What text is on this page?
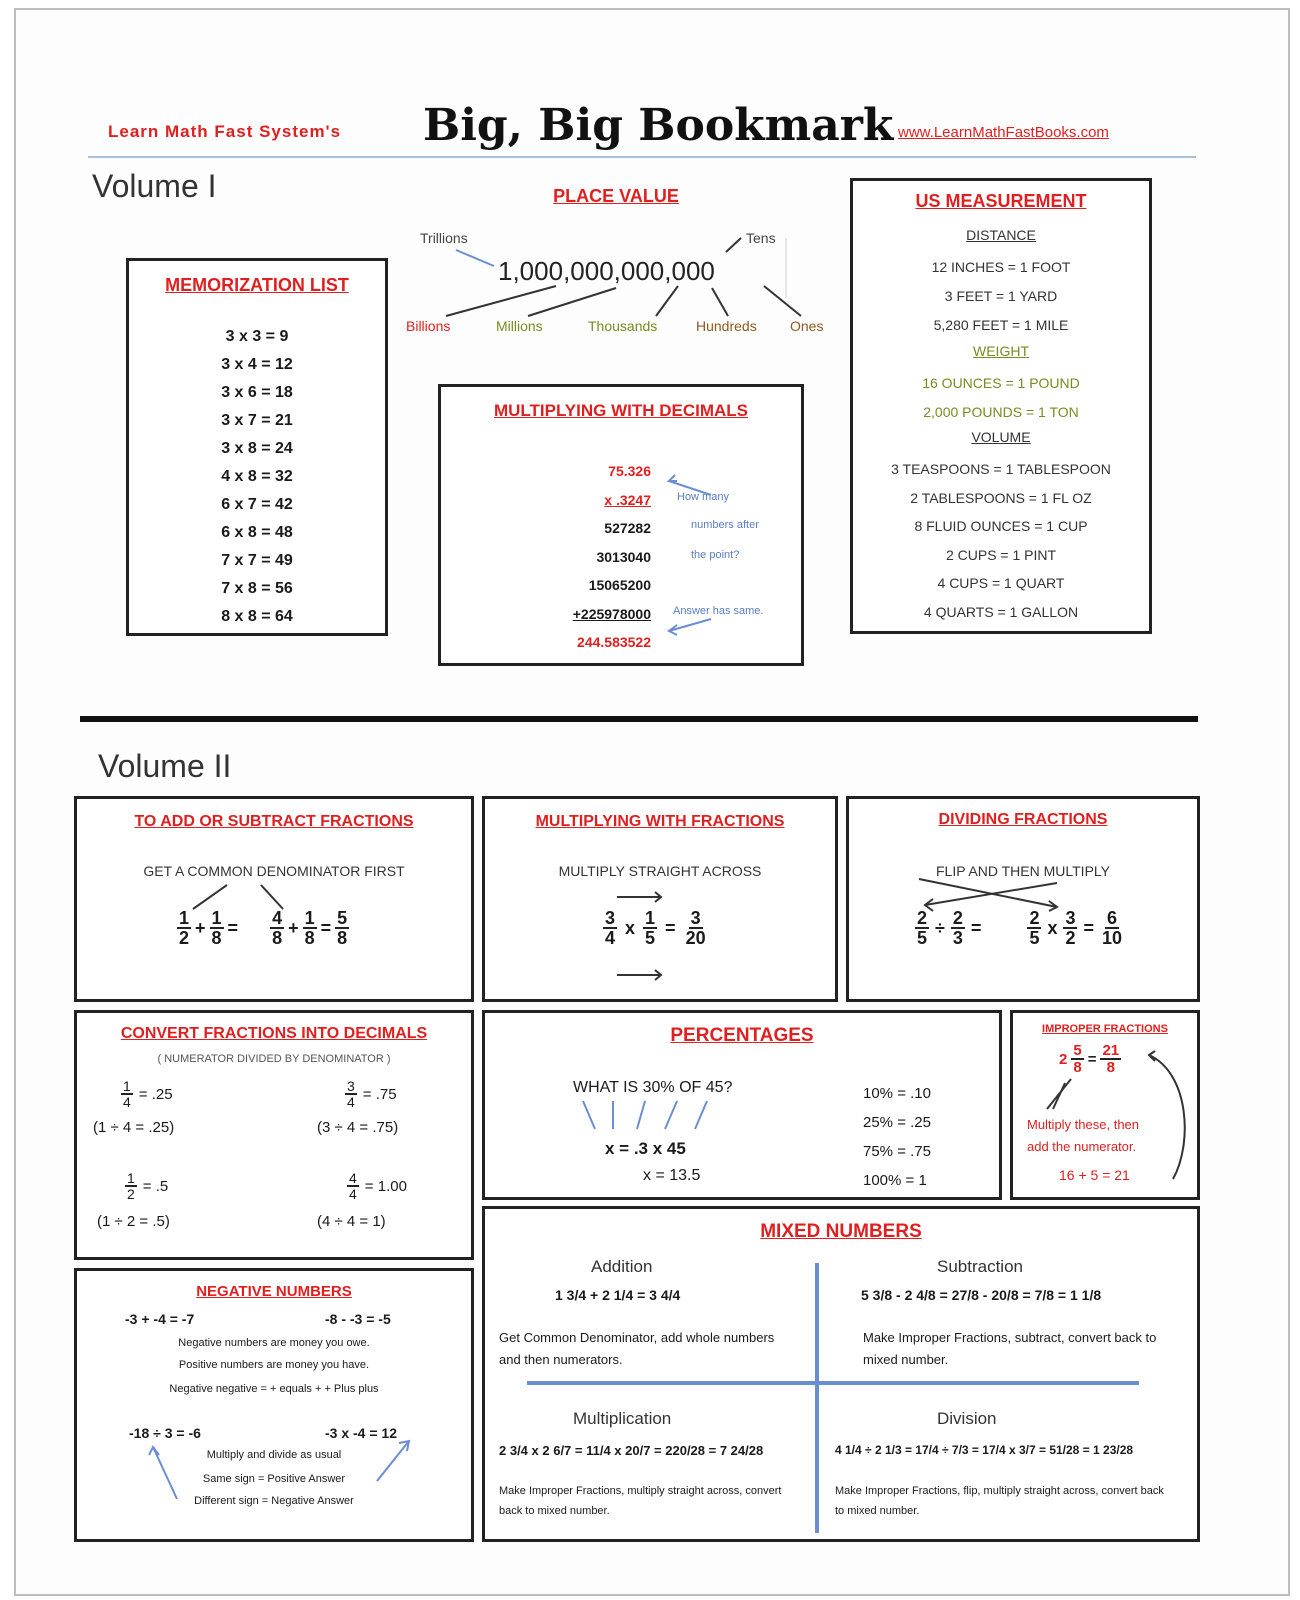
Learn Math Fast System's Big, Big Bookmark www.LearnMathFastBooks.com
Volume I
MEMORIZATION LIST
3 x 3 = 9
3 x 4 = 12
3 x 6 = 18
3 x 7 = 21
3 x 8 = 24
4 x 8 = 32
6 x 7 = 42
6 x 8 = 48
7 x 7 = 49
7 x 8 = 56
8 x 8 = 64
PLACE VALUE
Trillions	Tens
1,000,000,000,000
Billions	Millions	Thousands	Hundreds Ones
MULTIPLYING WITH DECIMALS
75.326
x .3247
527282
3013040
15065200
+225978000
244.583522
How many
numbers after
the point?
Answer has same.
US MEASUREMENT
DISTANCE
12 INCHES = 1 FOOT
3 FEET = 1 YARD
5,280 FEET = 1 MILE
WEIGHT
16 OUNCES = 1 POUND
2,000 POUNDS = 1 TON
VOLUME
3 TEASPOONS = 1 TABLESPOON
2 TABLESPOONS = 1 FL OZ
8 FLUID OUNCES = 1 CUP
2 CUPS = 1 PINT
4 CUPS = 1 QUART
4 QUARTS = 1 GALLON
Volume II
TO ADD OR SUBTRACT FRACTIONS
GET A COMMON DENOMINATOR FIRST
$\frac{1}{2} + \frac{1}{8} = \frac{4}{8} + \frac{1}{8} = \frac{5}{8}$
MULTIPLYING WITH FRACTIONS
MULTIPLY STRAIGHT ACROSS
$\frac{3}{4}$ x $\frac{1}{5} = \frac{3}{20}$
DIVIDING FRACTIONS
FLIP AND THEN MULTIPLY
$\frac{2}{5} \div \frac{2}{3}$ =	$\frac{2}{5}$ x $\frac{3}{2} = \frac{6}{10}$
CONVERT FRACTIONS INTO DECIMALS
( NUMERATOR DIVIDED BY DENOMINATOR )
$\frac{1}{4} = .25$
(1 ÷ 4 = .25)
$\frac{3}{4} = .75$
(3 ÷ 4 = .75)
$\frac{1}{2} = .5$
(1 ÷ 2 = .5)
$\frac{4}{4} = 1.00$
(4 ÷ 4 = 1)
PERCENTAGES
WHAT IS 30% OF 45?
x = .3 x 45
x = 13.5
10% = .10
25% = .25
75% = .75
100% = 1
IMPROPER FRACTIONS
$2 \frac{5}{8} = \frac{21}{8}$
Multiply these, then
add the numerator.
16 + 5 = 21
NEGATIVE NUMBERS
-3 + -4 = -7	-8 - -3 = -5
Negative numbers are money you owe.
Positive numbers are money you have.
Negative negative = + equals + + Plus plus
-18 ÷ 3 = -6	-3 x -4 = 12
Multiply and divide as usual
Same sign = Positive Answer
Different sign = Negative Answer
MIXED NUMBERS
Addition
1 3/4 + 2 1/4 = 3 4/4
Get Common Denominator, add whole numbers and then numerators.
Subtraction
5 3/8 - 2 4/8 = 27/8 - 20/8 = 7/8 = 1 1/8
Make Improper Fractions, subtract, convert back to mixed number.
Multiplication
2 3/4 x 2 6/7 = 11/4 x 20/7 = 220/28 = 7 24/28
Make Improper Fractions, multiply straight across, convert back to mixed number.
Division
4 1/4 ÷ 2 1/3 = 17/4 ÷ 7/3 = 17/4 x 3/7 = 51/28 = 1 23/28
Make Improper Fractions, flip, multiply straight across, convert back to mixed number.
